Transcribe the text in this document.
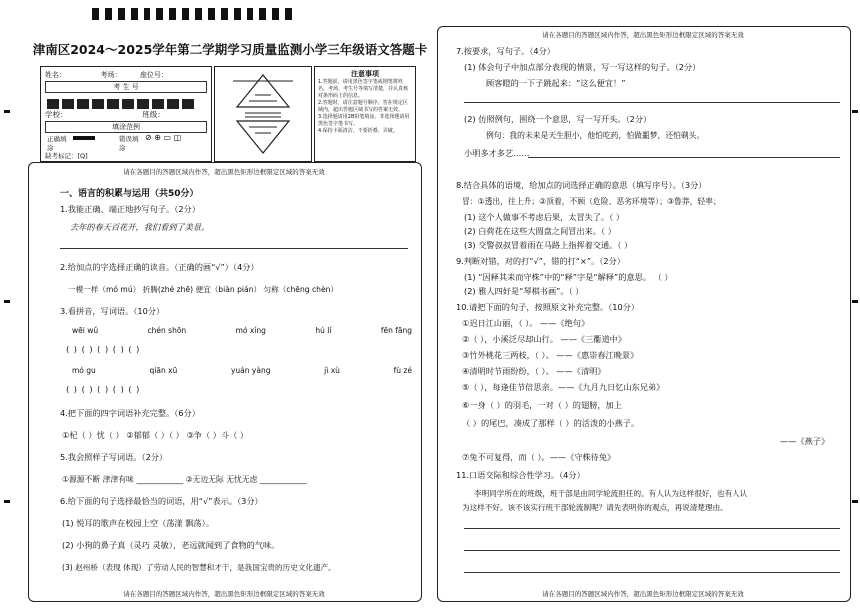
津南区2024～2025学年第二学期学习质量监测小学三年级语文答题卡
姓名：	考场：	座位号：
考 生 号
学校：	班级：
填涂范例
正确填涂
错误填涂
⊘ ⊕ ▭ ◫
缺考标记：[Q]
注意事项
1.答题前，请用黑色签字笔或钢笔将姓名、考场、考生号等填写清楚，并认真核对条形码上的信息。
2.答题时，请注意题号顺序，答在规定区域内，超出答题区域书写的答案无效。
3.选择题请用2B铅笔填涂，非选择题请用黑色签字笔书写。
4.保持卡面清洁，不要折叠、弄破。
请在各题目的答题区域内作答，超出黑色矩形边框限定区域的答案无效
一、语言的积累与运用（共50分）
1.我能正确、端正地抄写句子。（2分）
去年的春天百花开，我们看到了美景。
2.给加点的字选择正确的读音。（正确的画“√”）（4分）
一模一样（mó mú） 折腾(zhé zhē) 便宜（biàn pián） 匀称（chēng chèn）
3.看拼音，写词语。（10分）
wēi wǔ	chén shōn	mó xíng	hú lí	fēn fāng
( ) ( ) ( ) ( ) ( )
mó gu	qiān xū	yuán yàng	jì xù	fù zé
( ) ( ) ( ) ( ) ( )
4.把下面的四字词语补充完整。（6分）
①杞（ ）忧（ ） ②郁郁（ ）（ ） ③争（ ）斗（ ）
5.我会照样子写词语。（2分）
①源源不断 津津有味 ____________ ②无边无际 无忧无虑 ____________
6.给下面的句子选择最恰当的词语，用“√”表示。（3分）
(1) 悦耳的歌声在校园上空（荡漾 飘荡）。
(2) 小狗的鼻子真（灵巧 灵敏），老远就闻到了食物的气味。
(3) 赵州桥（表现 体现）了劳动人民的智慧和才干，是我国宝贵的历史文化遗产。
请在各题目的答题区域内作答，超出黑色矩形边框限定区域的答案无效
请在各题目的答题区域内作答，超出黑色矩形边框限定区域的答案无效
7.按要求，写句子。（4分）
(1) 体会句子中加点部分表现的情景，写一写这样的句子。（2分）
顾客瞪的一下子跳起来：“这么便宜！”
(2) 仿照例句，围绕一个意思，写一写开头。（2分）
例句：我的未来是天生胆小，他怕吃药，怕做噩梦，还怕剃头。
小明多才多艺……
8.结合具体的语境，给加点的词选择正确的意思（填写序号）。（3分）
冒：①透出，往上升；②顶着，不顾（危险、恶劣环境等）；③鲁莽，轻率；
(1) 这个人做事不考虑后果，太冒失了。（ ）
(2) 白荷花在这些大圆盘之间冒出来。（ ）
(3) 交警叔叔冒着雨在马路上指挥着交通。（ ）
9.判断对错，对的打“√”，错的打“×”。（2分）
(1) “因释其耒而守株”中的“释”字是“解释”的意思。 （ ）
(2) 雅人四好是“琴棋书画”。（ ）
10.请把下面的句子，按照原文补充完整。（10分）
①迟日江山丽，（ ）。 ——《绝句》
②（ ），小溪泛尽却山行。 ——《三衢道中》
③竹外桃花三两枝，（ ）。 ——《惠崇春江晚景》
④清明时节雨纷纷，（ ）。 ——《清明》
⑤（ ），每逢佳节倍思亲。——《九月九日忆山东兄弟》
⑥一身（ ）的羽毛，一对（ ）的翅膀，加上
（ ）的尾巴，凑成了那样（ ）的活泼的小燕子。
——《燕子》
⑦兔不可复得，而（ ）。——《守株待兔》
11.口语交际和综合性学习。（4分）
李明同学所在的班级，班干部是由同学轮流担任的。有人认为这样很好，也有人认
为这样不好。该不该实行班干部轮流制呢？请先表明你的观点，再说清楚理由。
请在各题目的答题区域内作答，超出黑色矩形边框限定区域的答案无效
